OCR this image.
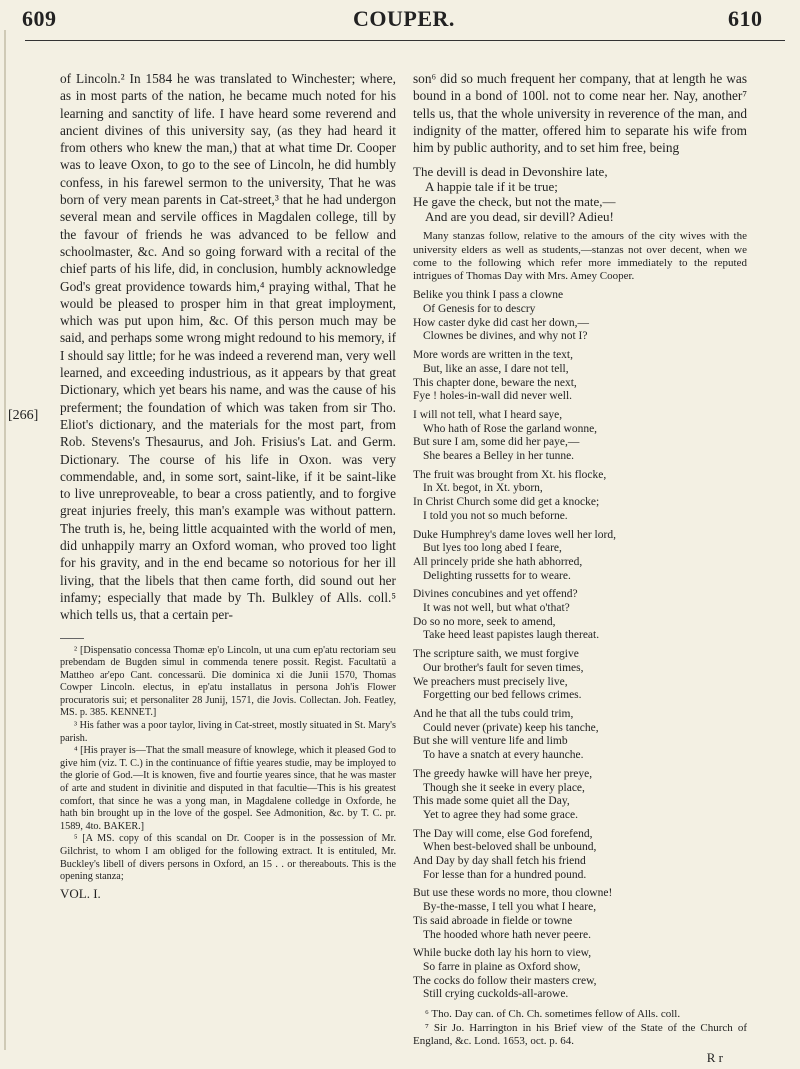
609	COUPER.	610
[266]

of Lincoln.² In 1584 he was translated to Winchester; where, as in most parts of the nation, he became much noted for his learning and sanctity of life. I have heard some reverend and ancient divines of this university say, (as they had heard it from others who knew the man,) that at what time Dr. Cooper was to leave Oxon, to go to the see of Lincoln, he did humbly confess, in his farewel sermon to the university, That he was born of very mean parents in Cat-street,³ that he had undergon several mean and servile offices in Magdalen college, till by the favour of friends he was advanced to be fellow and schoolmaster, &c. And so going forward with a recital of the chief parts of his life, did, in conclusion, humbly acknowledge God's great providence towards him,⁴ praying withal, That he would be pleased to prosper him in that great imployment, which was put upon him, &c. Of this person much may be said, and perhaps some wrong might redound to his memory, if I should say little; for he was indeed a reverend man, very well learned, and exceeding industrious, as it appears by that great Dictionary, which yet bears his name, and was the cause of his preferment; the foundation of which was taken from sir Tho. Eliot's dictionary, and the materials for the most part, from Rob. Stevens's Thesaurus, and Joh. Frisius's Lat. and Germ. Dictionary. The course of his life in Oxon. was very commendable, and, in some sort, saint-like, if it be saint-like to live unreproveable, to bear a cross patiently, and to forgive great injuries freely, this man's example was without pattern. The truth is, he, being little acquainted with the world of men, did unhappily marry an Oxford woman, who proved too light for his gravity, and in the end became so notorious for her ill living, that the libels that then came forth, did sound out her infamy; especially that made by Th. Bulkley of Alls. coll.⁵ which tells us, that a certain per-

² [Dispensatio concessa Thomæ ep'o Lincoln, ut una cum ep'atu rectoriam seu prebendam de Bugden simul in commenda tenere possit. Regist. Facultatü a Mattheo ar'epo Cant. concessarü. Die dominica xi die Junii 1570, Thomas Cowper Lincoln. electus, in ep'atu installatus in persona Joh'is Flower procuratoris sui; et personaliter 28 Junij, 1571, die Jovis. Collectan. Joh. Featley, MS. p. 385. KENNET.]

³ His father was a poor taylor, living in Cat-street, mostly situated in St. Mary's parish.

⁴ [His prayer is—That the small measure of knowlege, which it pleased God to give him (viz. T. C.) in the continuance of fiftie yeares studie, may be imployed to the glorie of God.—It is knowen, five and fourtie yeares since, that he was master of arte and student in divinitie and disputed in that facultie—This is his greatest comfort, that since he was a yong man, in Magdalene colledge in Oxforde, he hath bin brought up in the love of the gospel. See Admonition, &c. by T. C. pr. 1589, 4to. BAKER.]

⁵ [A MS. copy of this scandal on Dr. Cooper is in the possession of Mr. Gilchrist, to whom I am obliged for the following extract. It is entituled, Mr. Buckley's libell of divers persons in Oxford, an 15 . . or thereabouts. This is the opening stanza;

VOL. I.

son⁶ did so much frequent her company, that at length he was bound in a bond of 100l. not to come near her. Nay, another⁷ tells us, that the whole university in reverence of the man, and indignity of the matter, offered him to separate his wife from him by public authority, and to set him free, being

The devill is dead in Devonshire late,

A happie tale if it be true;

He gave the check, but not the mate,—

And are you dead, sir devill? Adieu!

Many stanzas follow, relative to the amours of the city wives with the university elders as well as students,—stanzas not over decent, when we come to the following which refer more immediately to the reputed intrigues of Thomas Day with Mrs. Amey Cooper.

Belike you think I pass a clowne

Of Genesis for to descry

How caster dyke did cast her down,—

Clownes be divines, and why not I?

More words are written in the text,

But, like an asse, I dare not tell,

This chapter done, beware the next,

Fye ! holes-in-wall did never well.

I will not tell, what I heard saye,

Who hath of Rose the garland wonne,

But sure I am, some did her paye,—

She beares a Belley in her tunne.

The fruit was brought from Xt. his flocke,

In Xt. begot, in Xt. yborn,

In Christ Church some did get a knocke;

I told you not so much beforne.

Duke Humphrey's dame loves well her lord,

But lyes too long abed I feare,

All princely pride she hath abhorred,

Delighting russetts for to weare.

Divines concubines and yet offend?

It was not well, but what o'that?

Do so no more, seek to amend,

Take heed least papistes laugh thereat.

The scripture saith, we must forgive

Our brother's fault for seven times,

We preachers must precisely live,

Forgetting our bed fellows crimes.

And he that all the tubs could trim,

Could never (private) keep his tanche,

But she will venture life and limb

To have a snatch at every haunche.

The greedy hawke will have her preye,

Though she it seeke in every place,

This made some quiet all the Day,

Yet to agree they had some grace.

The Day will come, else God forefend,

When best-beloved shall be unbound,

And Day by day shall fetch his friend

For lesse than for a hundred pound.

But use these words no more, thou clowne!

By-the-masse, I tell you what I heare,

Tis said abroade in fielde or towne

The hooded whore hath never peere.

While bucke doth lay his horn to view,

So farre in plaine as Oxford show,

The cocks do follow their masters crew,

Still crying cuckolds-all-arowe.

⁶ Tho. Day can. of Ch. Ch. sometimes fellow of Alls. coll.

⁷ Sir Jo. Harrington in his Brief view of the State of the Church of England, &c. Lond. 1653, oct. p. 64.

R r
